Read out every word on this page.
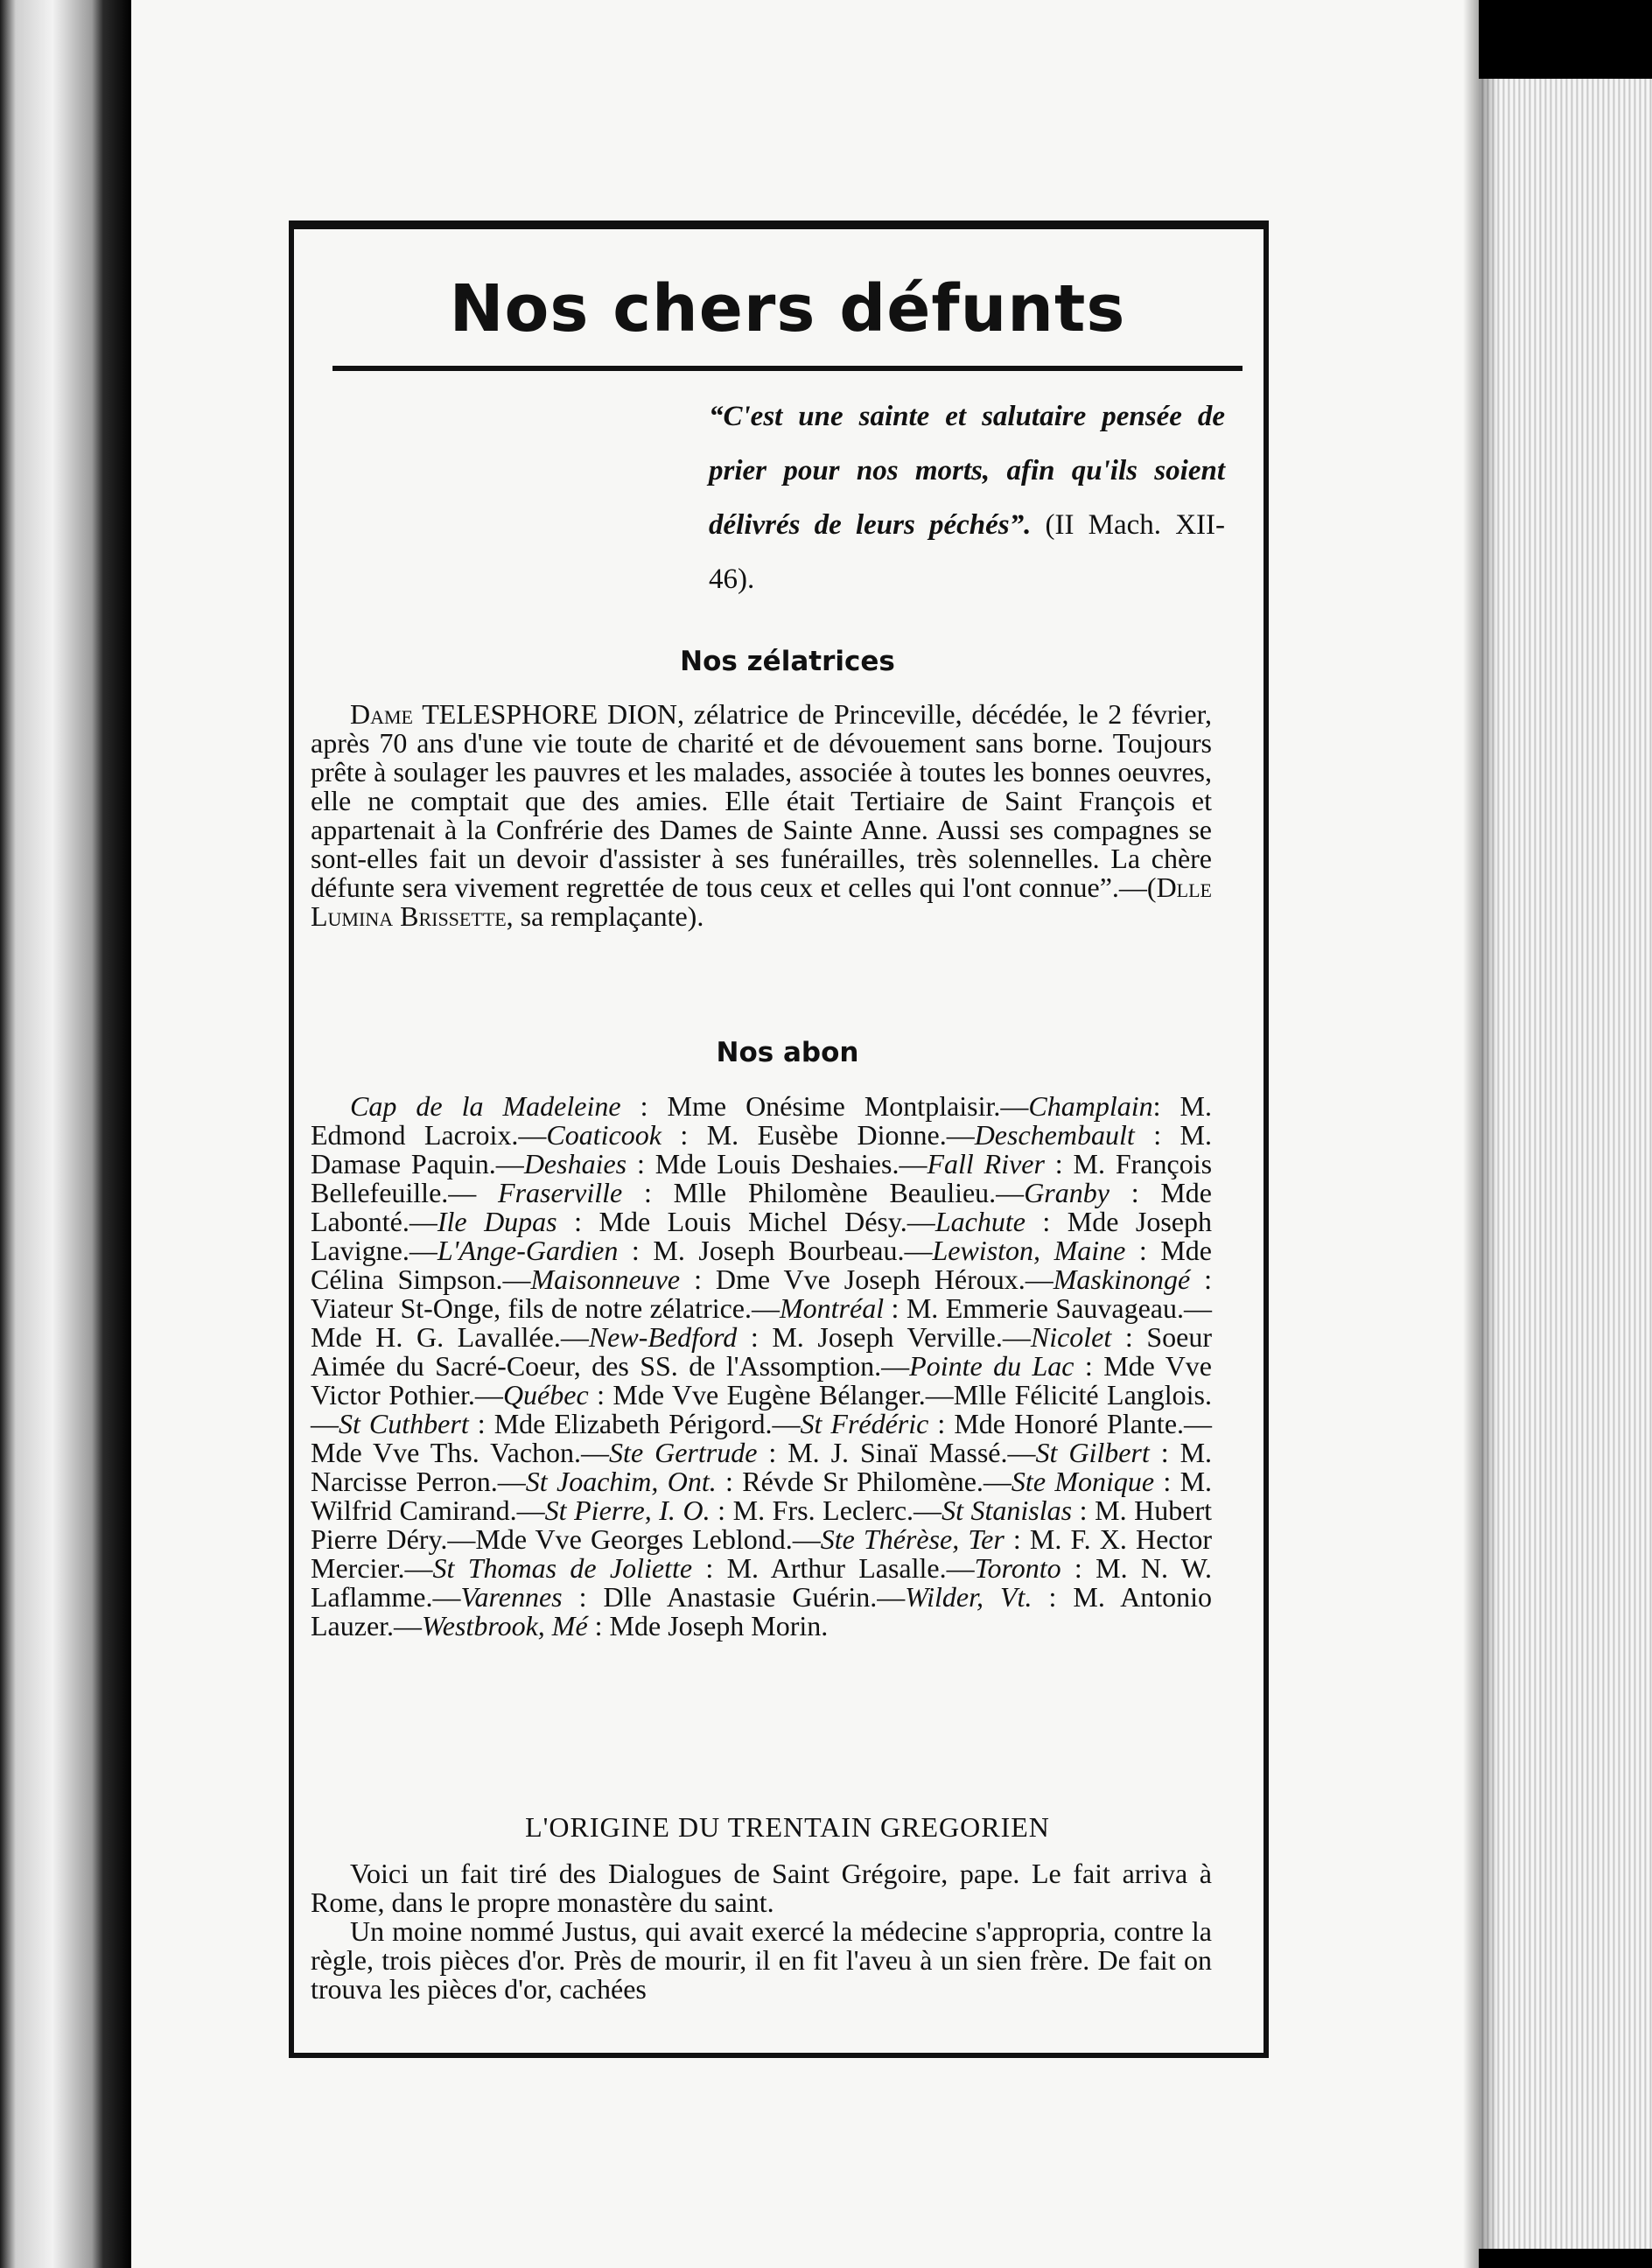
Nos chers défunts
“C'est une sainte et salutaire pensée de prier pour nos morts, afin qu'ils soient délivrés de leurs péchés”. (II Mach. XII-46).
Nos zélatrices
Dame TELESPHORE DION, zélatrice de Princeville, décédée, le 2 février, après 70 ans d'une vie toute de charité et de dévouement sans borne. Toujours prête à soulager les pauvres et les malades, associée à toutes les bonnes oeuvres, elle ne comptait que des amies. Elle était Tertiaire de Saint François et appartenait à la Confrérie des Dames de Sainte Anne. Aussi ses compagnes se sont-elles fait un devoir d'assister à ses funérailles, très solennelles. La chère défunte sera vivement regrettée de tous ceux et celles qui l'ont connue”.—(Dlle Lumina Brissette, sa remplaçante).
Nos abon
Cap de la Madeleine : Mme Onésime Montplaisir.—Champlain: M. Edmond Lacroix.—Coaticook : M. Eusèbe Dionne.—Deschembault : M. Damase Paquin.—Deshaies : Mde Louis Deshaies.—Fall River : M. François Bellefeuille.— Fraserville : Mlle Philomène Beaulieu.—Granby : Mde Labonté.—Ile Dupas : Mde Louis Michel Désy.—Lachute : Mde Joseph Lavigne.—L'Ange-Gardien : M. Joseph Bourbeau.—Lewiston, Maine : Mde Célina Simpson.—Maisonneuve : Dme Vve Joseph Héroux.—Maskinongé : Viateur St-Onge, fils de notre zélatrice.—Montréal : M. Emmerie Sauvageau.—Mde H. G. Lavallée.—New-Bedford : M. Joseph Verville.—Nicolet : Soeur Aimée du Sacré-Coeur, des SS. de l'Assomption.—Pointe du Lac : Mde Vve Victor Pothier.—Québec : Mde Vve Eugène Bélanger.—Mlle Félicité Langlois.—St Cuthbert : Mde Elizabeth Périgord.—St Frédéric : Mde Honoré Plante.—Mde Vve Ths. Vachon.—Ste Gertrude : M. J. Sinaï Massé.—St Gilbert : M. Narcisse Perron.—St Joachim, Ont. : Révde Sr Philomène.—Ste Monique : M. Wilfrid Camirand.—St Pierre, I. O. : M. Frs. Leclerc.—St Stanislas : M. Hubert Pierre Déry.—Mde Vve Georges Leblond.—Ste Thérèse, Ter : M. F. X. Hector Mercier.—St Thomas de Joliette : M. Arthur Lasalle.—Toronto : M. N. W. Laflamme.—Varennes : Dlle Anastasie Guérin.—Wilder, Vt. : M. Antonio Lauzer.—Westbrook, Mé : Mde Joseph Morin.
L'ORIGINE DU TRENTAIN GREGORIEN
Voici un fait tiré des Dialogues de Saint Grégoire, pape. Le fait arriva à Rome, dans le propre monastère du saint.
Un moine nommé Justus, qui avait exercé la médecine s'appropria, contre la règle, trois pièces d'or. Près de mourir, il en fit l'aveu à un sien frère. De fait on trouva les pièces d'or, cachées
